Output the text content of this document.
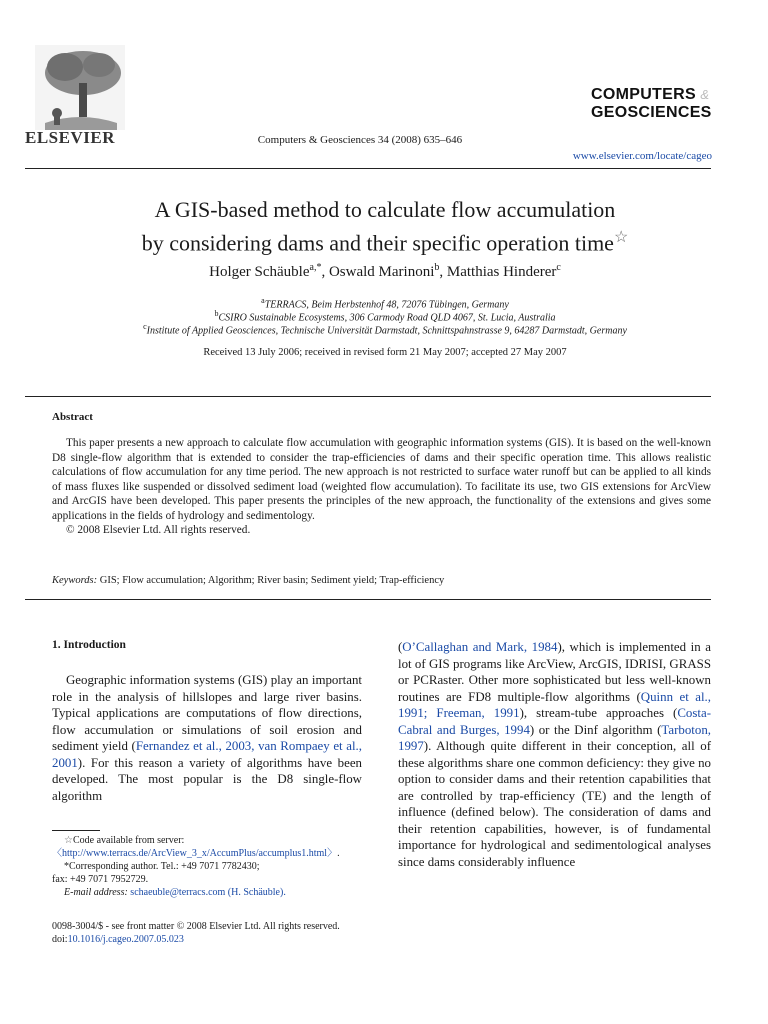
ELSEVIER	Computers & Geosciences 34 (2008) 635–646
COMPUTERS &
GEOSCIENCES
www.elsevier.com/locate/cageo
A GIS-based method to calculate flow accumulation
by considering dams and their specific operation time☆
Holger Schäuble$^{a,*}$, Oswald Marinoni$^b$, Matthias Hinderer$^c$
$^a$TERRACS, Beim Herbstenhof 48, 72076 Tübingen, Germany
$^b$CSIRO Sustainable Ecosystems, 306 Carmody Road QLD 4067, St. Lucia, Australia
$^c$Institute of Applied Geosciences, Technische Universität Darmstadt, Schnittspahnstrasse 9, 64287 Darmstadt, Germany
Received 13 July 2006; received in revised form 21 May 2007; accepted 27 May 2007
Abstract

This paper presents a new approach to calculate flow accumulation with geographic information systems (GIS). It is based on the well-known D8 single-flow algorithm that is extended to consider the trap-efficiencies of dams and their specific operation time. This allows realistic calculations of flow accumulation for any time period. The new approach is not restricted to surface water runoff but can be applied to all kinds of mass fluxes like suspended or dissolved sediment load (weighted flow accumulation). To facilitate its use, two GIS extensions for ArcView and ArcGIS have been developed. This paper presents the principles of the new approach, the functionality of the extensions and gives some applications in the fields of hydrology and sedimentology.

© 2008 Elsevier Ltd. All rights reserved.

Keywords: GIS; Flow accumulation; Algorithm; River basin; Sediment yield; Trap-efficiency
1. Introduction

Geographic information systems (GIS) play an important role in the analysis of hillslopes and large river basins. Typical applications are computations of flow directions, flow accumulation or simulations of soil erosion and sediment yield (Fernandez et al., 2003, van Rompaey et al., 2001). For this reason a variety of algorithms have been developed. The most popular is the D8 single-flow algorithm

(O’Callaghan and Mark, 1984), which is implemented in a lot of GIS programs like ArcView, ArcGIS, IDRISI, GRASS or PCRaster. Other more sophisticated but less well-known routines are FD8 multiple-flow algorithms (Quinn et al., 1991; Freeman, 1991), stream-tube approaches (Costa-Cabral and Burges, 1994) or the Dinf algorithm (Tarboton, 1997). Although quite different in their conception, all of these algorithms share one common deficiency: they give no option to consider dams and their retention capabilities that are controlled by trap-efficiency (TE) and the length of influence (defined below). The consideration of dams and their retention capabilities, however, is of fundamental importance for hydrological and sedimentological analyses since dams considerably influence

☆Code available from server: 〈http://www.terracs.de/ArcView_3_x/AccumPlus/accumplus1.html〉.

*Corresponding author. Tel.: +49 7071 7782430;

fax: +49 7071 7952729.

E-mail address: schaeuble@terracs.com (H. Schäuble).

0098-3004/$ - see front matter © 2008 Elsevier Ltd. All rights reserved.
doi:10.1016/j.cageo.2007.05.023
